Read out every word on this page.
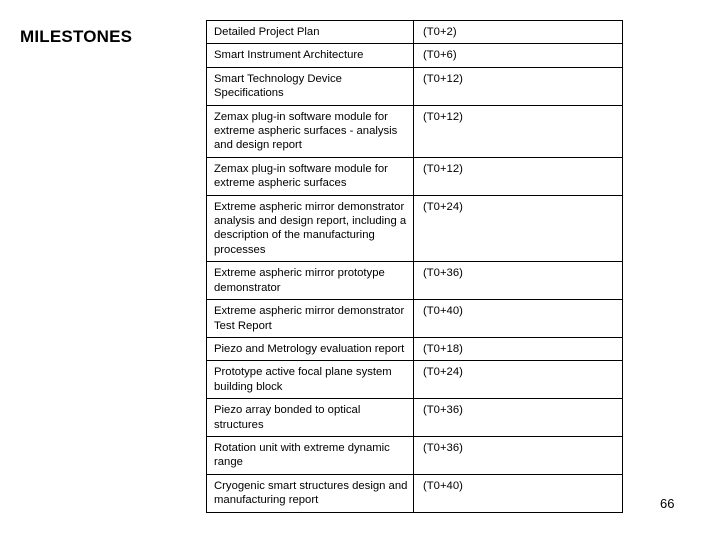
MILESTONES	Detailed Project Plan	(T0+2)
Smart Instrument Architecture	(T0+6)
Smart Technology Device Specifications	(T0+12)
Zemax plug-in software module for extreme aspheric surfaces - analysis and design report	(T0+12)
Zemax plug-in software module for extreme aspheric surfaces	(T0+12)
Extreme aspheric mirror demonstrator analysis and design report, including a description of the manufacturing processes	(T0+24)
Extreme aspheric mirror prototype demonstrator	(T0+36)
Extreme aspheric mirror demonstrator Test Report	(T0+40)
Piezo and Metrology evaluation report	(T0+18)
Prototype active focal plane system building block	(T0+24)
Piezo array bonded to optical structures	(T0+36)
Rotation unit with extreme dynamic range	(T0+36)
Cryogenic smart structures design and manufacturing report	(T0+40)
66
